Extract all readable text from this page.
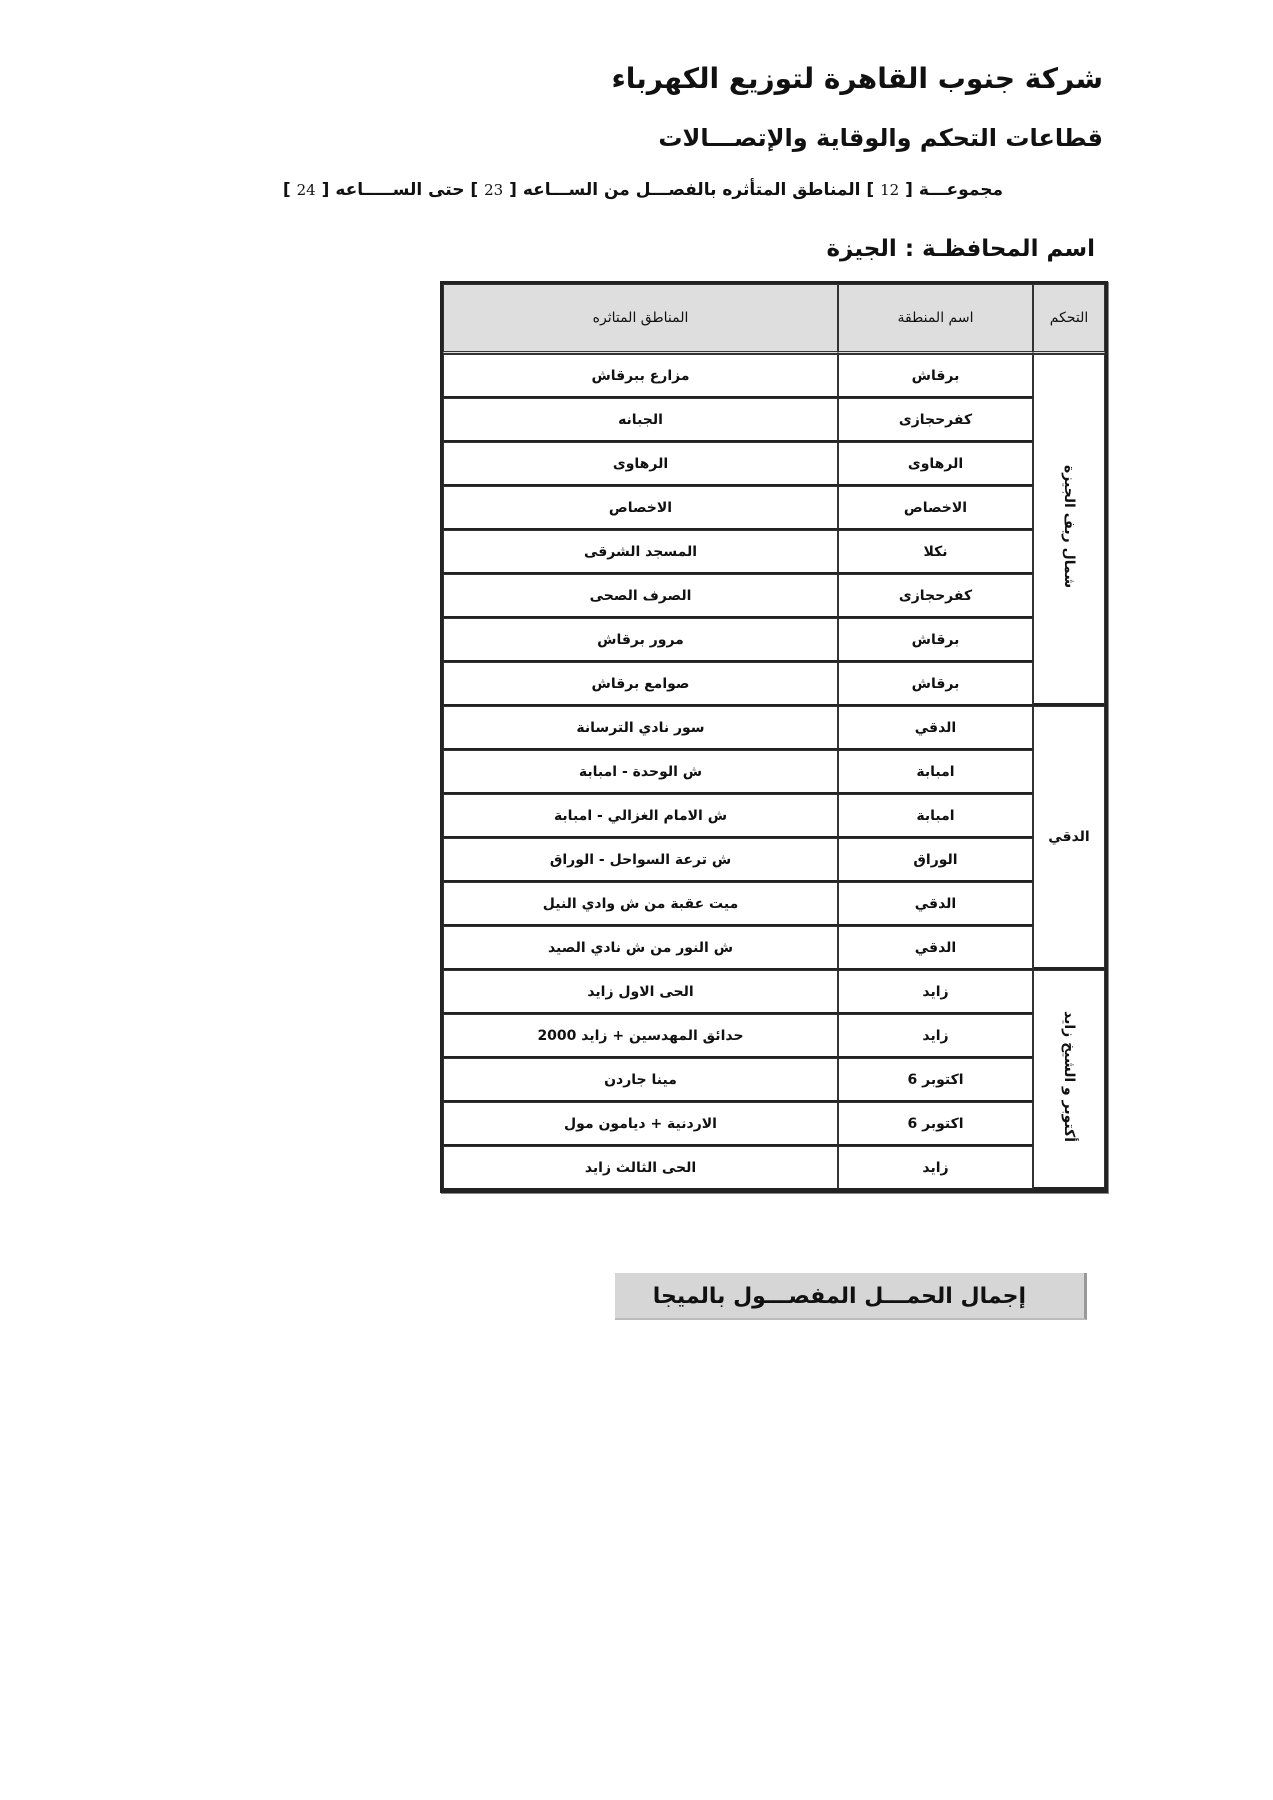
شركة جنوب القاهرة لتوزيع الكهرباء
قطاعات التحكم والوقاية والإتصـــالات
مجموعـــة [ 12 ] المناطق المتأثره بالفصـــل من الســـاعه [ 23 ] حتى الســـــاعه [ 24 ]
اسم المحافظـة : الجيزة
التحكم	اسم المنطقة	المناطق المتاثره
شمال ريف الجيزة	برقاش	مزارع ببرقاش
	كفرحجازى	الجبانه
	الرهاوى	الرهاوى
	الاخصاص	الاخصاص
	نكلا	المسجد الشرقى
	كفرحجازى	الصرف الصحى
	برقاش	مرور برقاش
	برقاش	صوامع برقاش
الدقي	الدقي	سور نادي الترسانة
	امبابة	ش الوحدة - امبابة
	امبابة	ش الامام الغزالي - امبابة
	الوراق	ش ترعة السواحل - الوراق
	الدقي	ميت عقبة من ش وادي النيل
	الدقي	ش النور من ش نادي الصيد
أكتوبر و الشيخ زايد	زايد	الحى الاول زايد
	زايد	حدائق المهدسين + زايد 2000
	اكتوبر 6	مينا جاردن
	اكتوبر 6	الاردنية + ديامون مول
	زايد	الحى الثالث زايد
إجمال الحمـــل المفصـــول بالميجا
